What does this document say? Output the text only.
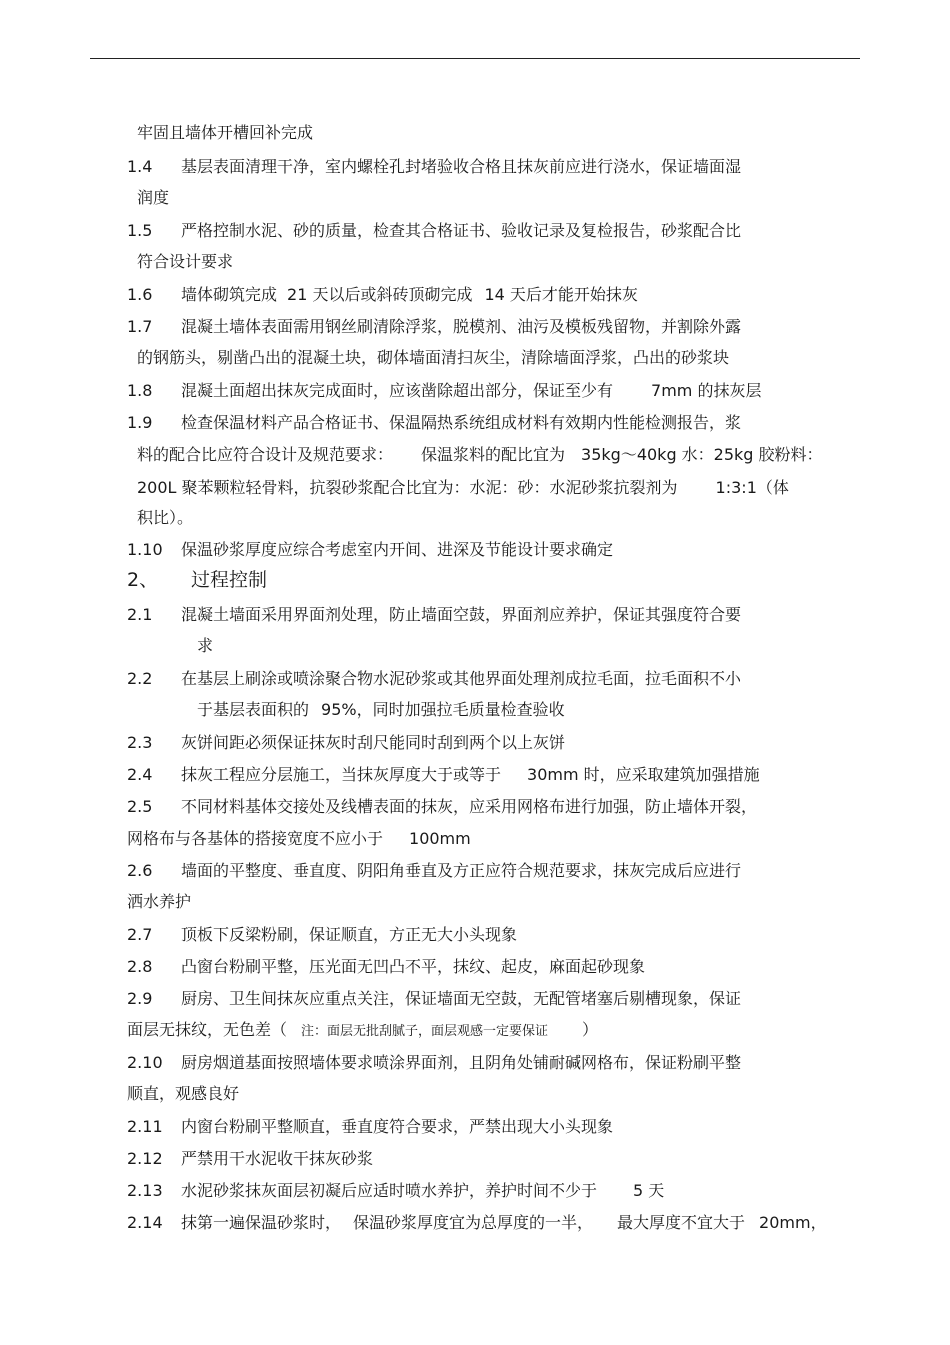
牢固且墙体开槽回补完成
1.4 基层表面清理干净，室内螺栓孔封堵验收合格且抹灰前应进行浇水，保证墙面湿
润度
1.5 严格控制水泥、砂的质量，检查其合格证书、验收记录及复检报告，砂浆配合比
符合设计要求
1.6 墙体砌筑完成 21 天以后或斜砖顶砌完成 14 天后才能开始抹灰
1.7 混凝土墙体表面需用钢丝刷清除浮浆，脱模剂、油污及模板残留物，并割除外露
的钢筋头，剔凿凸出的混凝土块，砌体墙面清扫灰尘，清除墙面浮浆，凸出的砂浆块
1.8 混凝土面超出抹灰完成面时，应该凿除超出部分，保证至少有 7mm 的抹灰层
1.9 检查保温材料产品合格证书、保温隔热系统组成材料有效期内性能检测报告，浆
料的配合比应符合设计及规范要求： 保温浆料的配比宜为 35kg～40kg 水：25kg 胶粉料：
200L 聚苯颗粒轻骨料，抗裂砂浆配合比宜为：水泥：砂：水泥砂浆抗裂剂为 1:3:1（体
积比）。
1.10 保温砂浆厚度应综合考虑室内开间、进深及节能设计要求确定
2、 过程控制
2.1 混凝土墙面采用界面剂处理，防止墙面空鼓，界面剂应养护，保证其强度符合要
求
2.2 在基层上刷涂或喷涂聚合物水泥砂浆或其他界面处理剂成拉毛面，拉毛面积不小
于基层表面积的 95%，同时加强拉毛质量检查验收
2.3 灰饼间距必须保证抹灰时刮尺能同时刮到两个以上灰饼
2.4 抹灰工程应分层施工，当抹灰厚度大于或等于 30mm 时，应采取建筑加强措施
2.5 不同材料基体交接处及线槽表面的抹灰，应采用网格布进行加强，防止墙体开裂，
网格布与各基体的搭接宽度不应小于 100mm
2.6 墙面的平整度、垂直度、阴阳角垂直及方正应符合规范要求，抹灰完成后应进行
洒水养护
2.7 顶板下反梁粉刷，保证顺直，方正无大小头现象
2.8 凸窗台粉刷平整，压光面无凹凸不平，抹纹、起皮，麻面起砂现象
2.9 厨房、卫生间抹灰应重点关注，保证墙面无空鼓，无配管堵塞后剔槽现象，保证
面层无抹纹，无色差（ 注：面层无批刮腻子，面层观感一定要保证 ）
2.10 厨房烟道基面按照墙体要求喷涂界面剂，且阴角处铺耐碱网格布，保证粉刷平整
顺直，观感良好
2.11 内窗台粉刷平整顺直，垂直度符合要求，严禁出现大小头现象
2.12 严禁用干水泥收干抹灰砂浆
2.13 水泥砂浆抹灰面层初凝后应适时喷水养护，养护时间不少于 5 天
2.14 抹第一遍保温砂浆时， 保温砂浆厚度宜为总厚度的一半， 最大厚度不宜大于 20mm，
